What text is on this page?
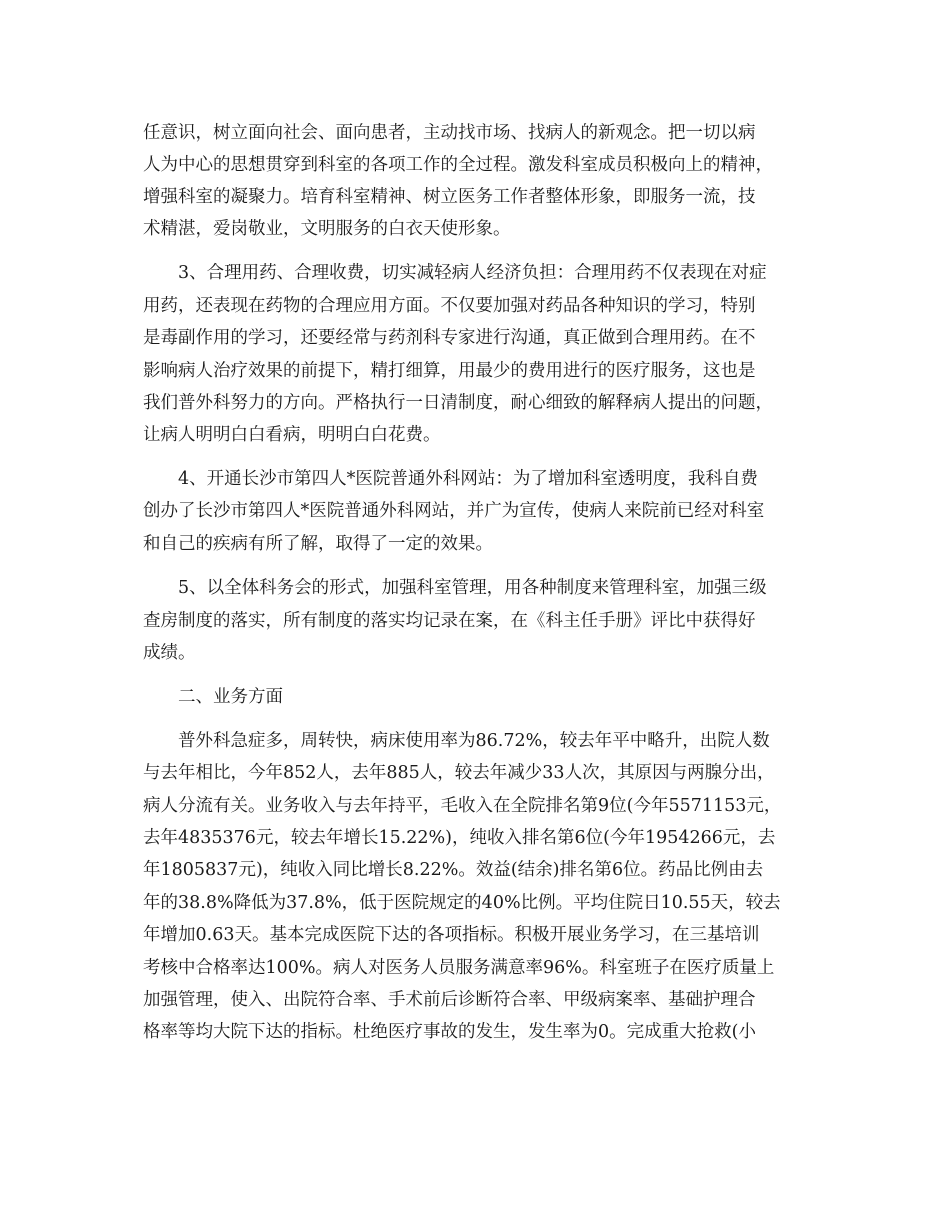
任意识，树立面向社会、面向患者，主动找市场、找病人的新观念。把一切以病
人为中心的思想贯穿到科室的各项工作的全过程。激发科室成员积极向上的精神，
增强科室的凝聚力。培育科室精神、树立医务工作者整体形象，即服务一流，技
术精湛，爱岗敬业，文明服务的白衣天使形象。
3、合理用药、合理收费，切实减轻病人经济负担：合理用药不仅表现在对症
用药，还表现在药物的合理应用方面。不仅要加强对药品各种知识的学习，特别
是毒副作用的学习，还要经常与药剂科专家进行沟通，真正做到合理用药。在不
影响病人治疗效果的前提下，精打细算，用最少的费用进行的医疗服务，这也是
我们普外科努力的方向。严格执行一日清制度，耐心细致的解释病人提出的问题，
让病人明明白白看病，明明白白花费。
4、开通长沙市第四人*医院普通外科网站：为了增加科室透明度，我科自费
创办了长沙市第四人*医院普通外科网站，并广为宣传，使病人来院前已经对科室
和自己的疾病有所了解，取得了一定的效果。
5、以全体科务会的形式，加强科室管理，用各种制度来管理科室，加强三级
查房制度的落实，所有制度的落实均记录在案，在《科主任手册》评比中获得好
成绩。
二、业务方面
普外科急症多，周转快，病床使用率为86.72%，较去年平中略升，出院人数
与去年相比，今年852人，去年885人，较去年减少33人次，其原因与两腺分出，
病人分流有关。业务收入与去年持平，毛收入在全院排名第9位(今年5571153元，
去年4835376元，较去年增长15.22%)，纯收入排名第6位(今年1954266元，去
年1805837元)，纯收入同比增长8.22%。效益(结余)排名第6位。药品比例由去
年的38.8%降低为37.8%，低于医院规定的40%比例。平均住院日10.55天，较去
年增加0.63天。基本完成医院下达的各项指标。积极开展业务学习，在三基培训
考核中合格率达100%。病人对医务人员服务满意率96%。科室班子在医疗质量上
加强管理，使入、出院符合率、手术前后诊断符合率、甲级病案率、基础护理合
格率等均大院下达的指标。杜绝医疗事故的发生，发生率为0。完成重大抢救(小
